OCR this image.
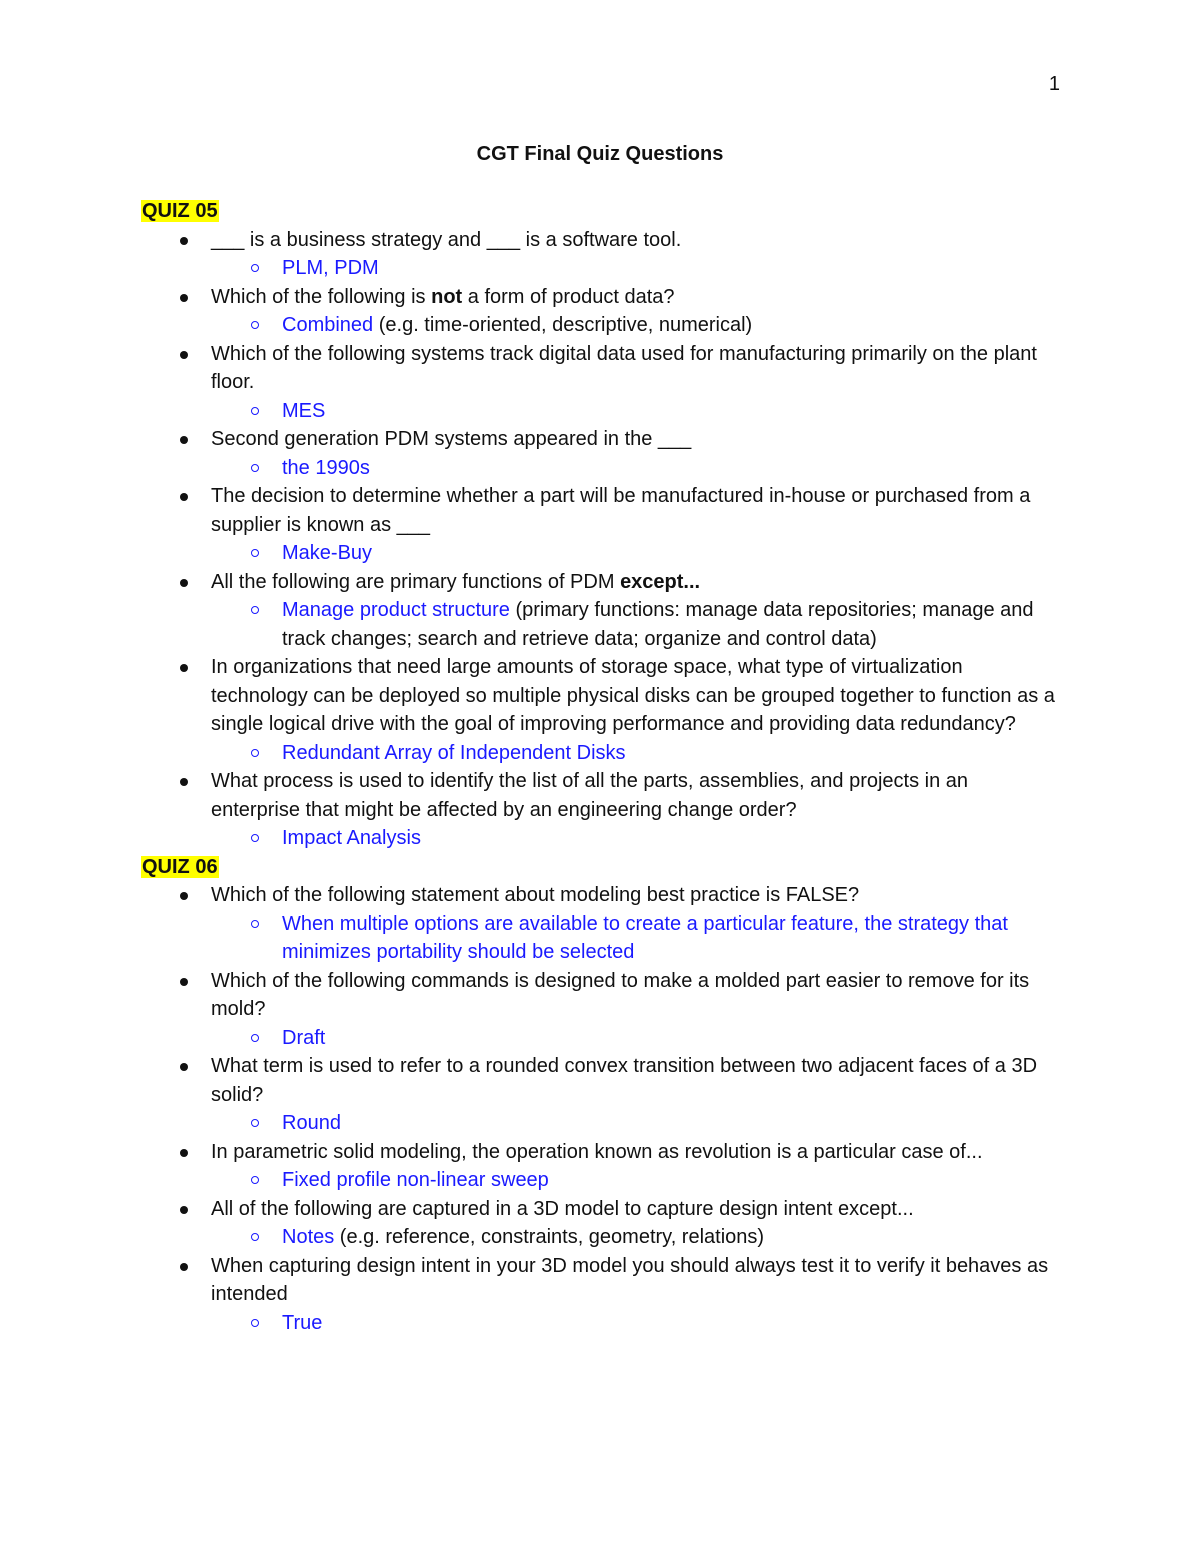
1
CGT Final Quiz Questions
QUIZ 05
___ is a business strategy and ___ is a software tool.
PLM, PDM
Which of the following is not a form of product data?
Combined (e.g. time-oriented, descriptive, numerical)
Which of the following systems track digital data used for manufacturing primarily on the plant floor.
MES
Second generation PDM systems appeared in the ___
the 1990s
The decision to determine whether a part will be manufactured in-house or purchased from a supplier is known as ___
Make-Buy
All the following are primary functions of PDM except...
Manage product structure (primary functions: manage data repositories; manage and track changes; search and retrieve data; organize and control data)
In organizations that need large amounts of storage space, what type of virtualization technology can be deployed so multiple physical disks can be grouped together to function as a single logical drive with the goal of improving performance and providing data redundancy?
Redundant Array of Independent Disks
What process is used to identify the list of all the parts, assemblies, and projects in an enterprise that might be affected by an engineering change order?
Impact Analysis
QUIZ 06
Which of the following statement about modeling best practice is FALSE?
When multiple options are available to create a particular feature, the strategy that minimizes portability should be selected
Which of the following commands is designed to make a molded part easier to remove for its mold?
Draft
What term is used to refer to a rounded convex transition between two adjacent faces of a 3D solid?
Round
In parametric solid modeling, the operation known as revolution is a particular case of...
Fixed profile non-linear sweep
All of the following are captured in a 3D model to capture design intent except...
Notes (e.g. reference, constraints, geometry, relations)
When capturing design intent in your 3D model you should always test it to verify it behaves as intended
True
